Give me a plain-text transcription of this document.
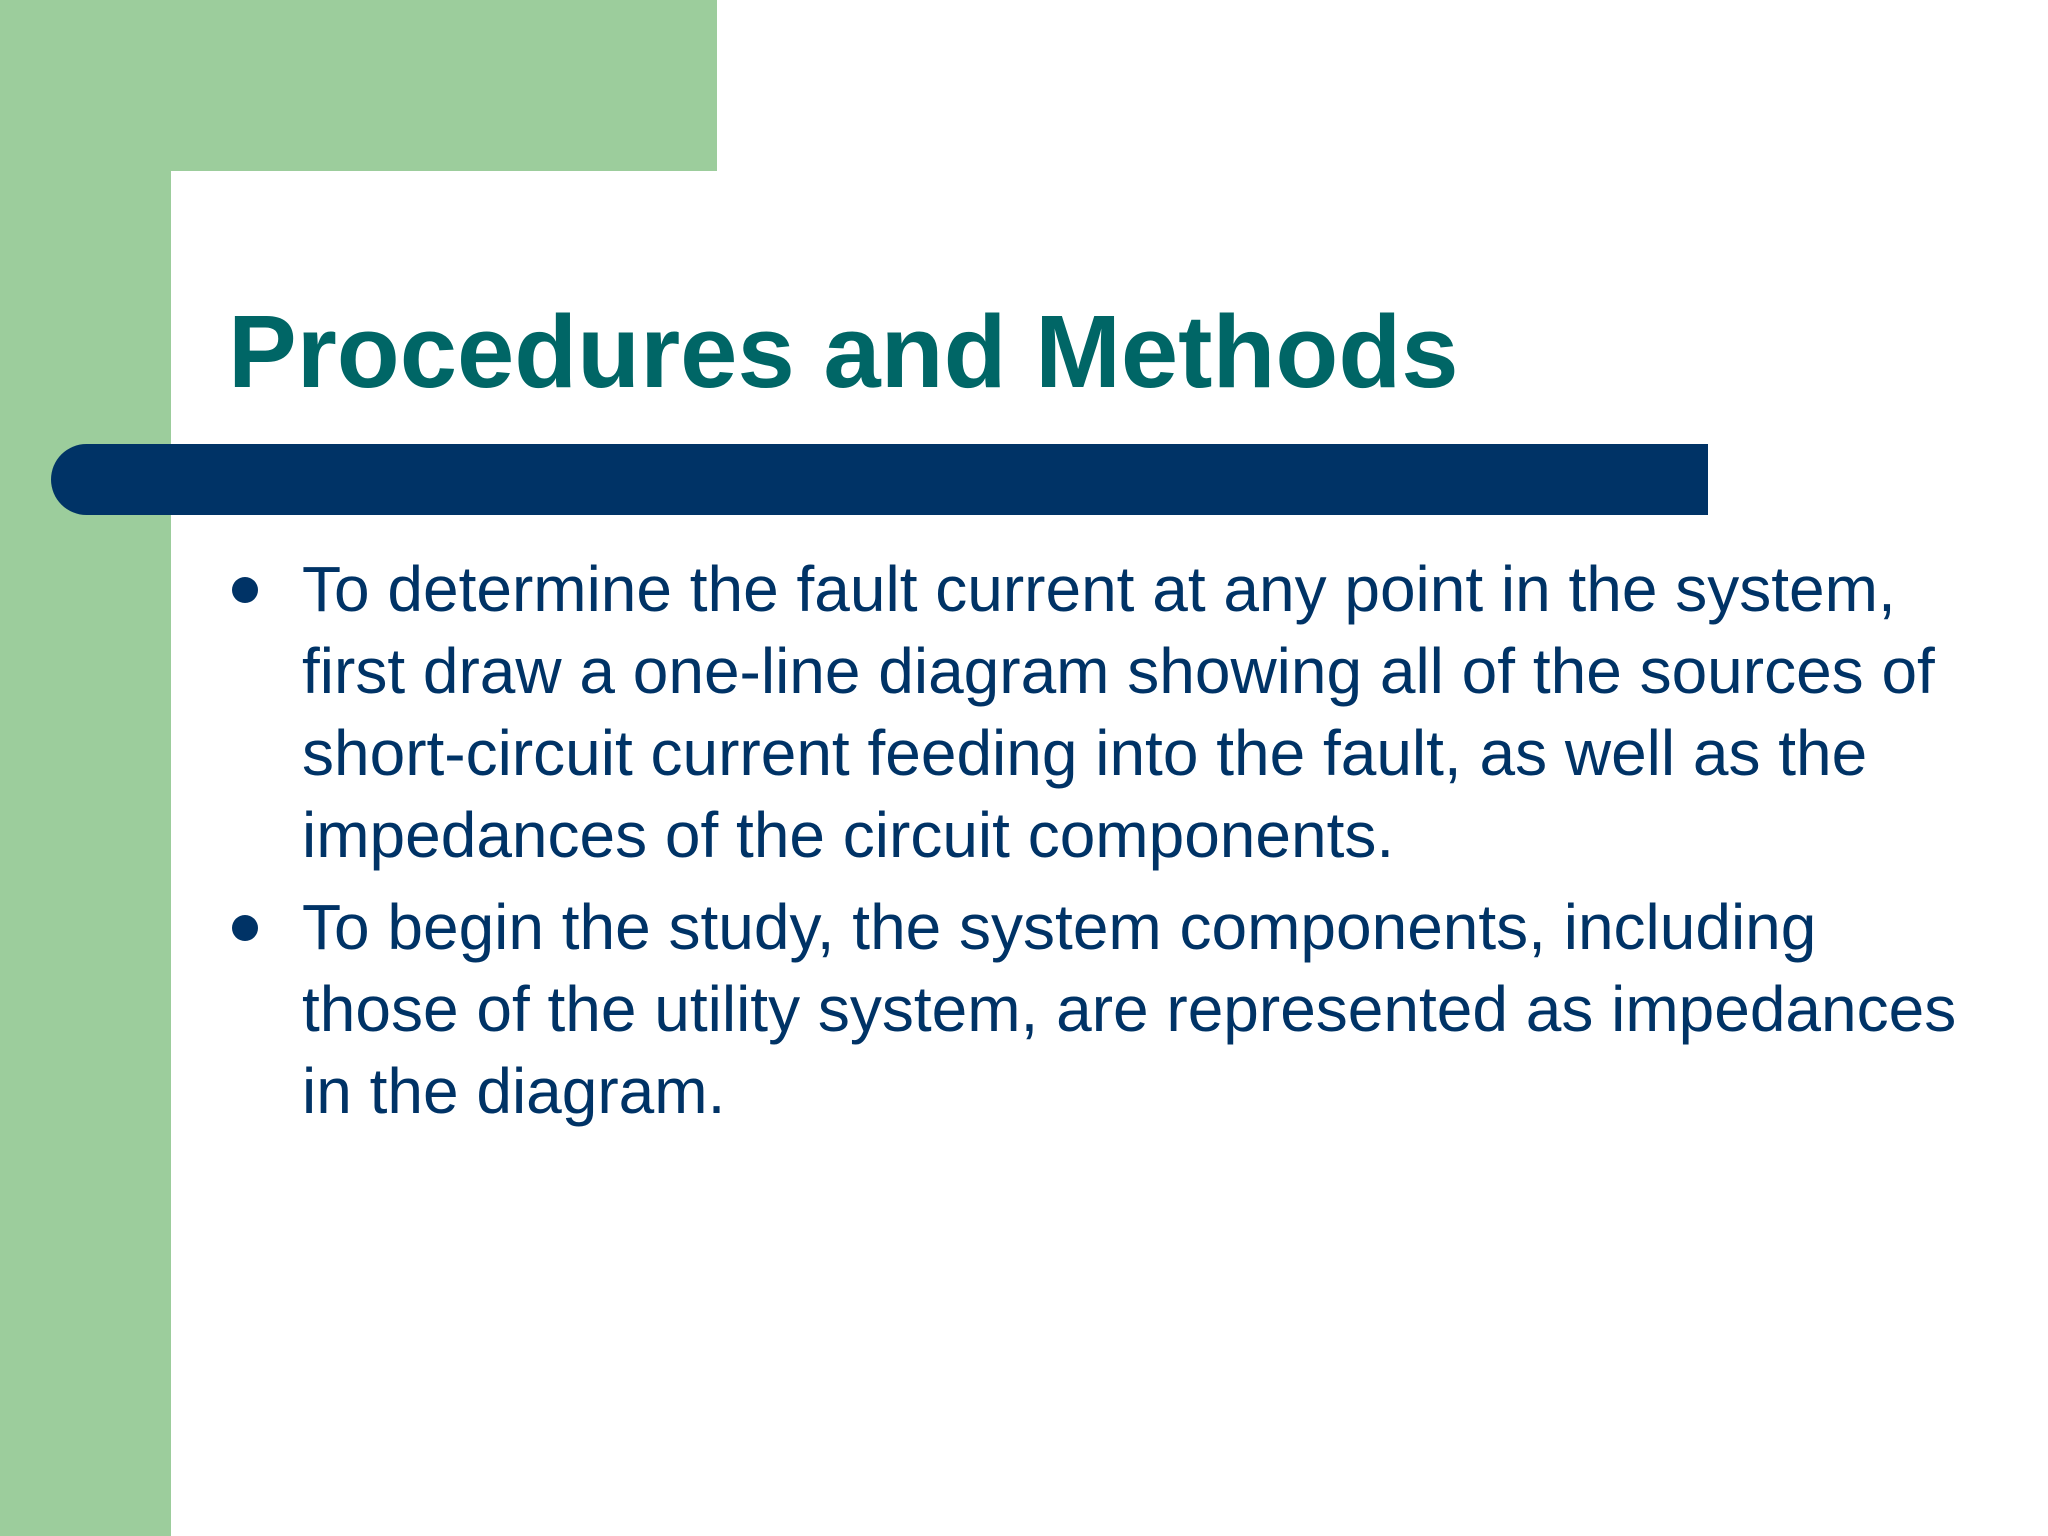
Procedures and Methods
To determine the fault current at any point in the system, first draw a one-line diagram showing all of the sources of short-circuit current feeding into the fault, as well as the impedances of the circuit components.
To begin the study, the system components, including those of the utility system, are represented as impedances in the diagram.
